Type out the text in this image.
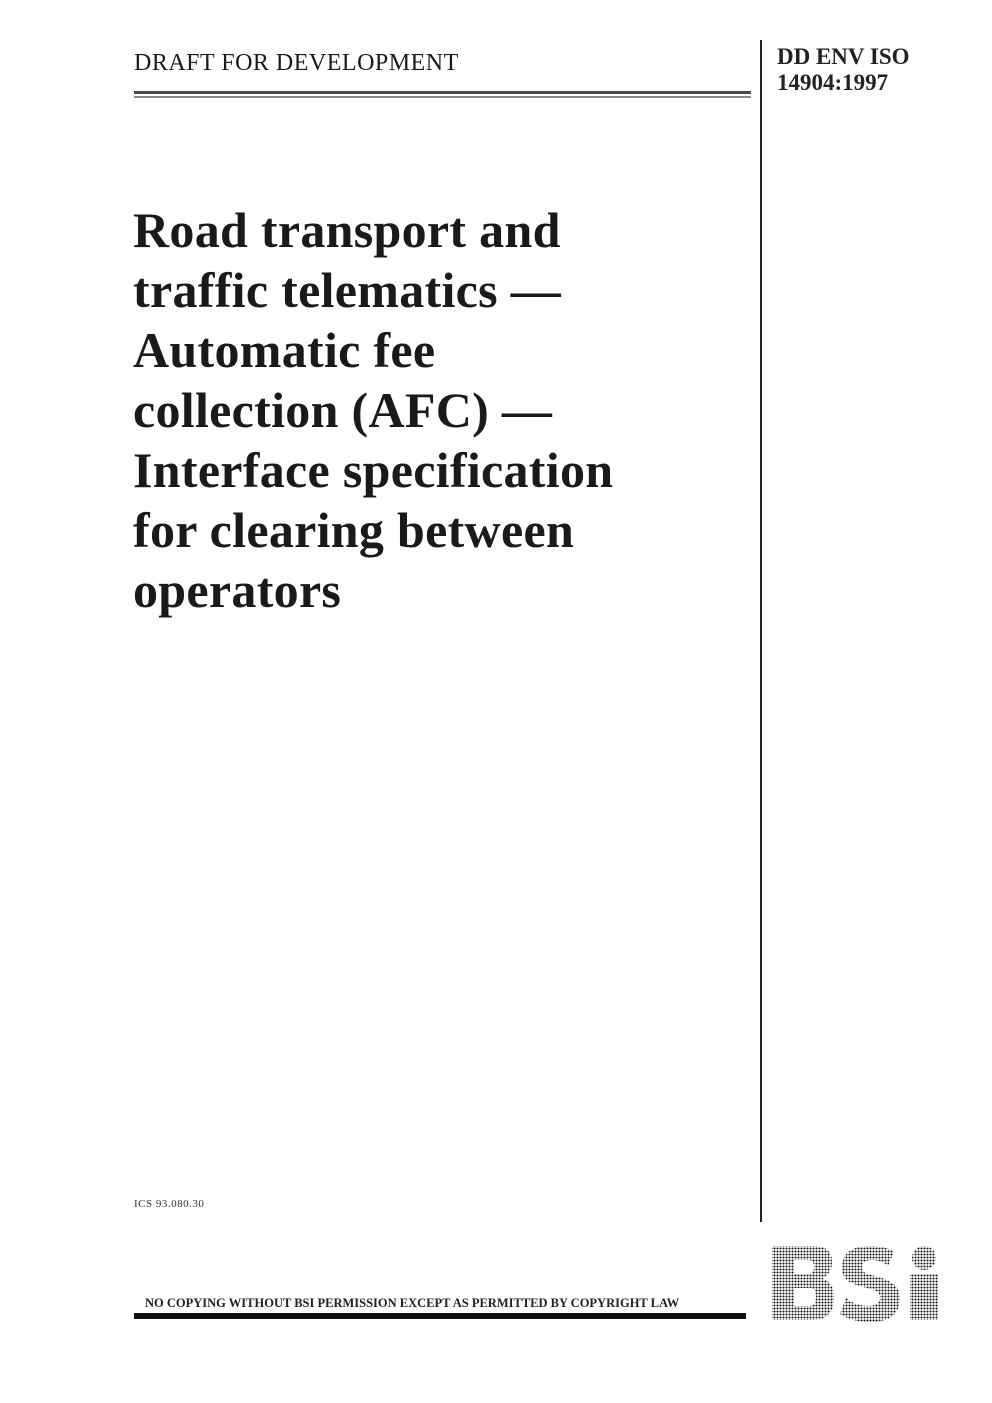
DRAFT FOR DEVELOPMENT	DD ENV ISO
14904:1997
Road transport and
traffic telematics —
Automatic fee
collection (AFC) —
Interface specification
for clearing between
operators
ICS 93.080.30
NO COPYING WITHOUT BSI PERMISSION EXCEPT AS PERMITTED BY COPYRIGHT LAW
